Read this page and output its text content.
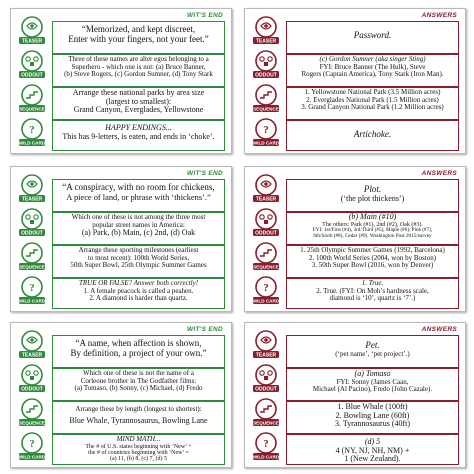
WIT'S END
TEASER
ODDOUT
SEQUENCE
?
WILD CARD
“Memorized, and kept discreet,
Enter with your fingers, not your feet.”
Three of these names are alter egos belonging to a
Superhero - which one is not: (a) Bruce Banner,
(b) Steve Rogers, (c) Gordon Sumner, (d) Tony Stark
Arrange these national parks by area size
(largest to smallest):
Grand Canyon, Everglades, Yellowstone
HAPPY ENDINGS...
This has 9-letters, is eaten, and ends in ‘choke’.
ANSWERS
TEASER
ODDOUT
SEQUENCE
?
WILD CARD
Password.
(c) Gordon Sumner (aka singer Sting)
FYI: Bruce Banner (The Hulk), Steve
Rogers (Captain America), Tony Stark (Iron Man).
1. Yellowstone National Park (3.5 Million acres)
2. Everglades National Park (1.5 Million acres)
3. Grand Canyon National Park (1.2 Million acres)
Artichoke.
WIT'S END
TEASER
ODDOUT
SEQUENCE
?
WILD CARD
“A conspiracy, with no room for chickens,
A piece of land, or phrase with ‘thickens’.”
Which one of these is not among the three most
popular street names in America:
(a) Park, (b) Main, (c) 2nd, (d) Oak
Arrange these sporting milestones (earliest
to most recent): 100th World Series,
50th Super Bowl, 25th Olympic Summer Games
TRUE OR FALSE? Answer both correctly!
1. A female peacock is called a peahen.
2. A diamond is harder than quartz.
ANSWERS
TEASER
ODDOUT
SEQUENCE
?
WILD CARD
Plot.
(‘the plot thickens’)
(b) Main (#10)
The others: Park (#1), 2nd (#2), Oak (#3).
FYI: 1st/First (#4), 3rd/Third (#5), Maple (#6), Pine (#7),
6th/Sixth (#8), Cedar (#9). Washington Post 2015/survey
1. 25th Olympic Summer Games (1992, Barcelona)
2. 100th World Series (2004, won by Boston)
3. 50th Super Bowl (2016, won by Denver)
1. True.
2. True. (FYI: On Moh’s hardness scale,
diamond is ‘10’, quartz is ‘7’.)
WIT'S END
TEASER
ODDOUT
SEQUENCE
?
WILD CARD
“A name, when affection is shown,
By definition, a project of your own.”
Which one of these is not the name of a
Corleone brother in The Godfather films:
(a) Tomaso, (b) Sonny, (c) Michael, (d) Fredo
Arrange these by length (longest to shortest):
Blue Whale, Tyrannosaurus, Bowling Lane
MIND MATH...
The # of U.S. states beginning with ‘New’ +
the # of countries beginning with ‘New’ =
(a) 11, (b) 8, (c) 7, (d) 5
ANSWERS
TEASER
ODDOUT
SEQUENCE
?
WILD CARD
Pet.
(‘pet name’, ‘pet project’.)
(a) Tomaso
FYI: Sonny (James Caan,
Michael (Al Pacino), Fredo (John Cazale).
1. Blue Whale (100ft)
2. Bowling Lane (60ft)
3. Tyrannosaurus (40ft)
(d) 5
4 (NY, NJ, NH, NM) +
1 (New Zealand).
